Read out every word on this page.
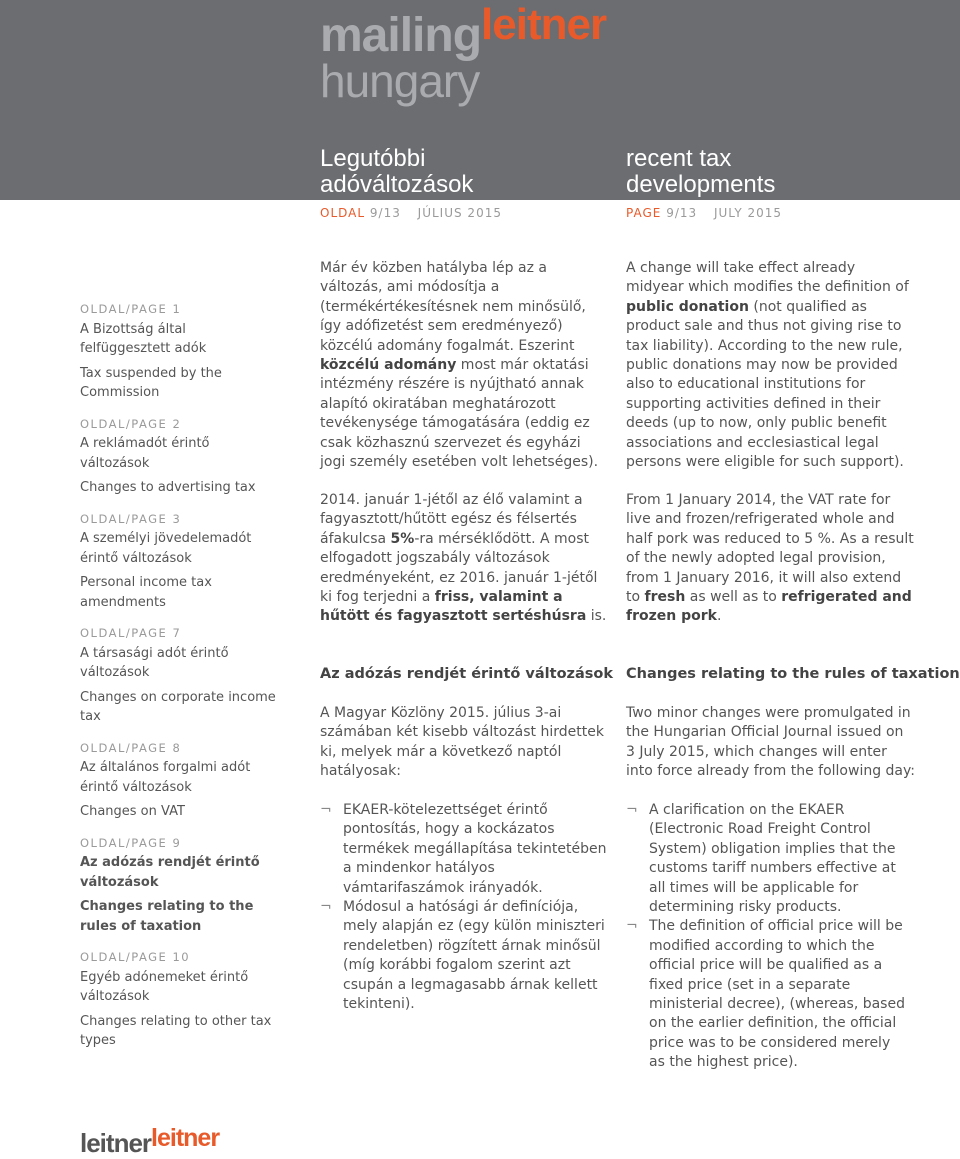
mailingleitner
hungary
Legutóbbi
adóváltozások
recent tax
developments
OLDAL 9/13 JÚLIUS 2015	PAGE 9/13 JULY 2015
OLDAL/PAGE 1
A Bizottság által felfüggesztett adók
Tax suspended by the Commission
OLDAL/PAGE 2
A reklámadót érintő változások
Changes to advertising tax
OLDAL/PAGE 3
A személyi jövedelemadót érintő változások
Personal income tax amendments
OLDAL/PAGE 7
A társasági adót érintő változások
Changes on corporate income tax
OLDAL/PAGE 8
Az általános forgalmi adót érintő változások
Changes on VAT
OLDAL/PAGE 9
Az adózás rendjét érintő változások
Changes relating to the rules of taxation
OLDAL/PAGE 10
Egyéb adónemeket érintő változások
Changes relating to other tax types

Már év közben hatályba lép az a változás, ami módosítja a (termékértékesítésnek nem minősülő, így adófizetést sem eredményező) közcélú adomány fogalmát. Eszerint közcélú adomány most már oktatási intézmény részére is nyújtható annak alapító okiratában meghatározott tevékenysége támogatására (eddig ez csak közhasznú szervezet és egyházi jogi személy esetében volt lehetséges).

2014. január 1-jétől az élő valamint a fagyasztott/hűtött egész és félsertés áfakulcsa 5%-ra mérséklődött. A most elfogadott jogszabály változások eredményeként, ez 2016. január 1-jétől ki fog terjedni a friss, valamint a hűtött és fagyasztott sertéshúsra is.

Az adózás rendjét érintő változások

A Magyar Közlöny 2015. július 3-ai számában két kisebb változást hirdettek ki, melyek már a következő naptól hatályosak:

¬ EKAER-kötelezettséget érintő pontosítás, hogy a kockázatos termékek megállapítása tekintetében a mindenkor hatályos vámtarifaszámok irányadók.
¬ Módosul a hatósági ár definíciója, mely alapján ez (egy külön miniszteri rendeletben) rögzített árnak minősül (míg korábbi fogalom szerint azt csupán a legmagasabb árnak kellett tekinteni).

A change will take effect already midyear which modifies the definition of public donation (not qualified as product sale and thus not giving rise to tax liability). According to the new rule, public donations may now be provided also to educational institutions for supporting activities defined in their deeds (up to now, only public benefit associations and ecclesiastical legal persons were eligible for such support).

From 1 January 2014, the VAT rate for live and frozen/refrigerated whole and half pork was reduced to 5 %. As a result of the newly adopted legal provision, from 1 January 2016, it will also extend to fresh as well as to refrigerated and frozen pork.

Changes relating to the rules of taxation

Two minor changes were promulgated in the Hungarian Official Journal issued on 3 July 2015, which changes will enter into force already from the following day:

¬ A clarification on the EKAER (Electronic Road Freight Control System) obligation implies that the customs tariff numbers effective at all times will be applicable for determining risky products.
¬ The definition of official price will be modified according to which the official price will be qualified as a fixed price (set in a separate ministerial decree), (whereas, based on the earlier definition, the official price was to be considered merely as the highest price).
leitnerleitner
